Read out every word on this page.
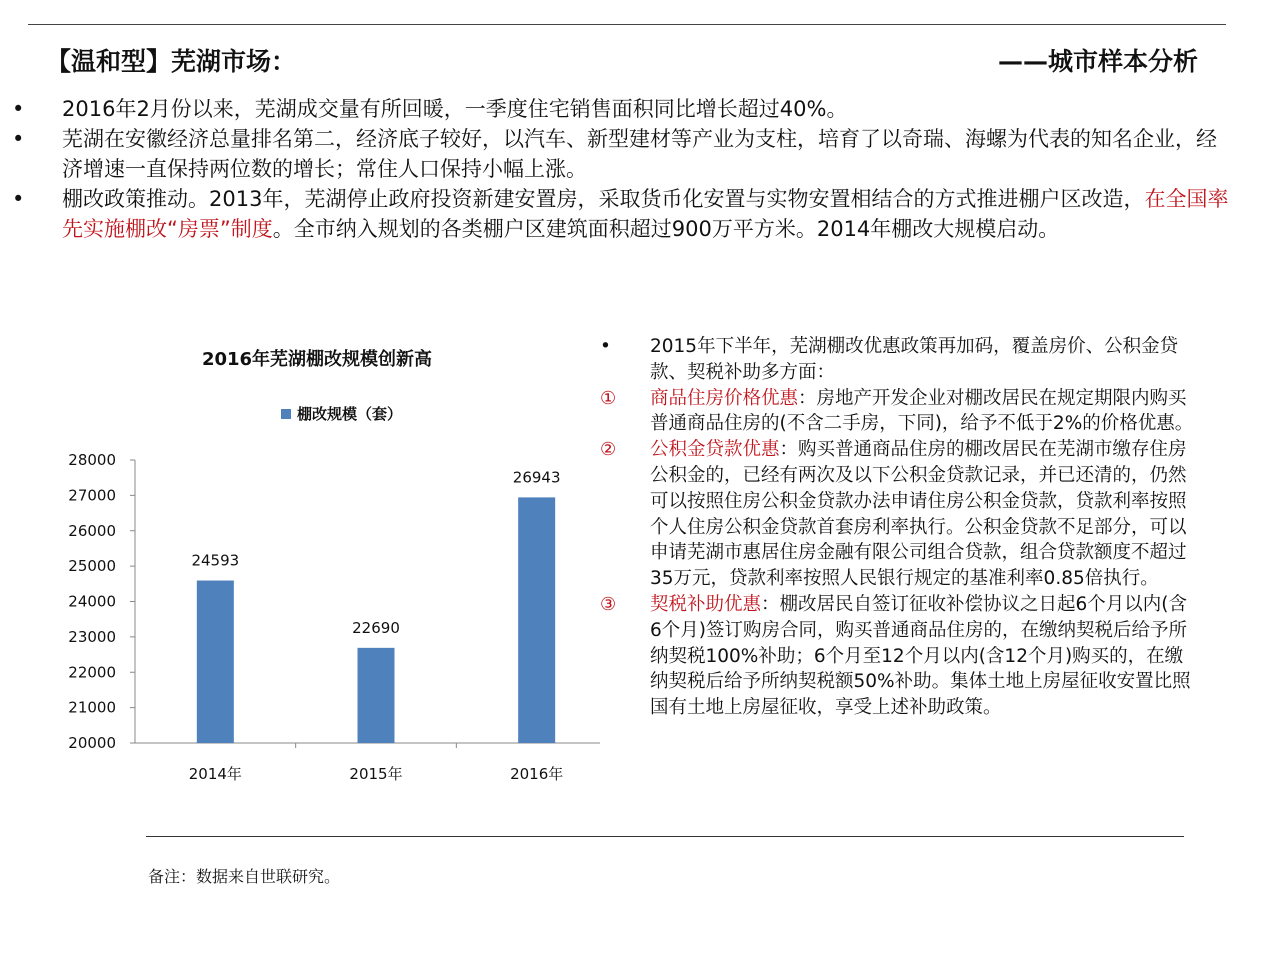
【温和型】芜湖市场：	——城市样本分析

• 2016年2月份以来，芜湖成交量有所回暖，一季度住宅销售面积同比增长超过40%。

• 芜湖在安徽经济总量排名第二，经济底子较好，以汽车、新型建材等产业为支柱，培育了以奇瑞、海螺为代表的知名企业，经济增速一直保持两位数的增长；常住人口保持小幅上涨。

• 棚改政策推动。2013年，芜湖停止政府投资新建安置房，采取货币化安置与实物安置相结合的方式推进棚户区改造，在全国率先实施棚改“房票”制度。全市纳入规划的各类棚户区建筑面积超过900万平方米。2014年棚改大规模启动。

2016年芜湖棚改规模创新高
棚改规模（套）
20000
21000
22000
23000
24000
25000
26000
27000
28000
24593
2014年
22690
2015年
26943
2016年

• 2015年下半年，芜湖棚改优惠政策再加码，覆盖房价、公积金贷款、契税补助多方面：

① 商品住房价格优惠：房地产开发企业对棚改居民在规定期限内购买普通商品住房的(不含二手房，下同)，给予不低于2%的价格优惠。

② 公积金贷款优惠：购买普通商品住房的棚改居民在芜湖市缴存住房公积金的，已经有两次及以下公积金贷款记录，并已还清的，仍然可以按照住房公积金贷款办法申请住房公积金贷款，贷款利率按照个人住房公积金贷款首套房利率执行。公积金贷款不足部分，可以申请芜湖市惠居住房金融有限公司组合贷款，组合贷款额度不超过35万元，贷款利率按照人民银行规定的基准利率0.85倍执行。

③ 契税补助优惠：棚改居民自签订征收补偿协议之日起6个月以内(含6个月)签订购房合同，购买普通商品住房的，在缴纳契税后给予所纳契税100%补助；6个月至12个月以内(含12个月)购买的，在缴纳契税后给予所纳契税额50%补助。集体土地上房屋征收安置比照国有土地上房屋征收，享受上述补助政策。

备注：数据来自世联研究。
